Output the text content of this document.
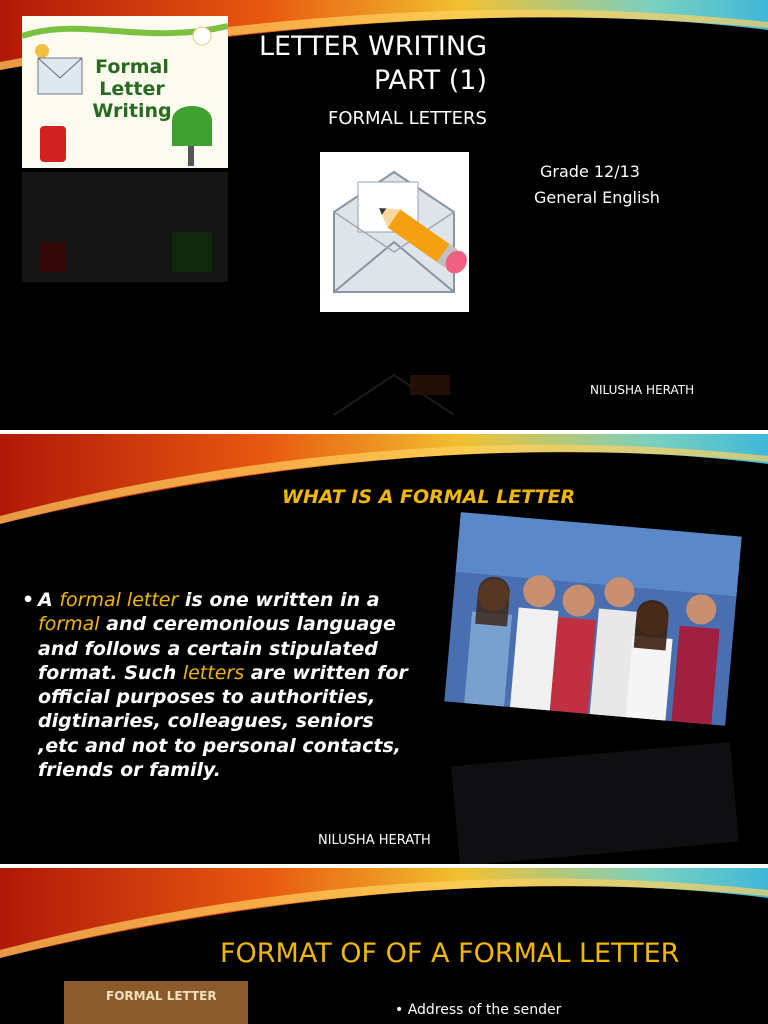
Formal
Letter
Writing
LETTER WRITING
PART (1)
FORMAL LETTERS
Grade 12/13
General English
NILUSHA HERATH
WHAT IS A FORMAL LETTER
• A formal letter is one written in a formal and ceremonious language and follows a certain stipulated format. Such letters are written for official purposes to authorities, digtinaries, colleagues, seniors ,etc and not to personal contacts, friends or family.
NILUSHA HERATH
FORMAT OF OF A FORMAL LETTER
FORMAL LETTER
• Address of the sender
